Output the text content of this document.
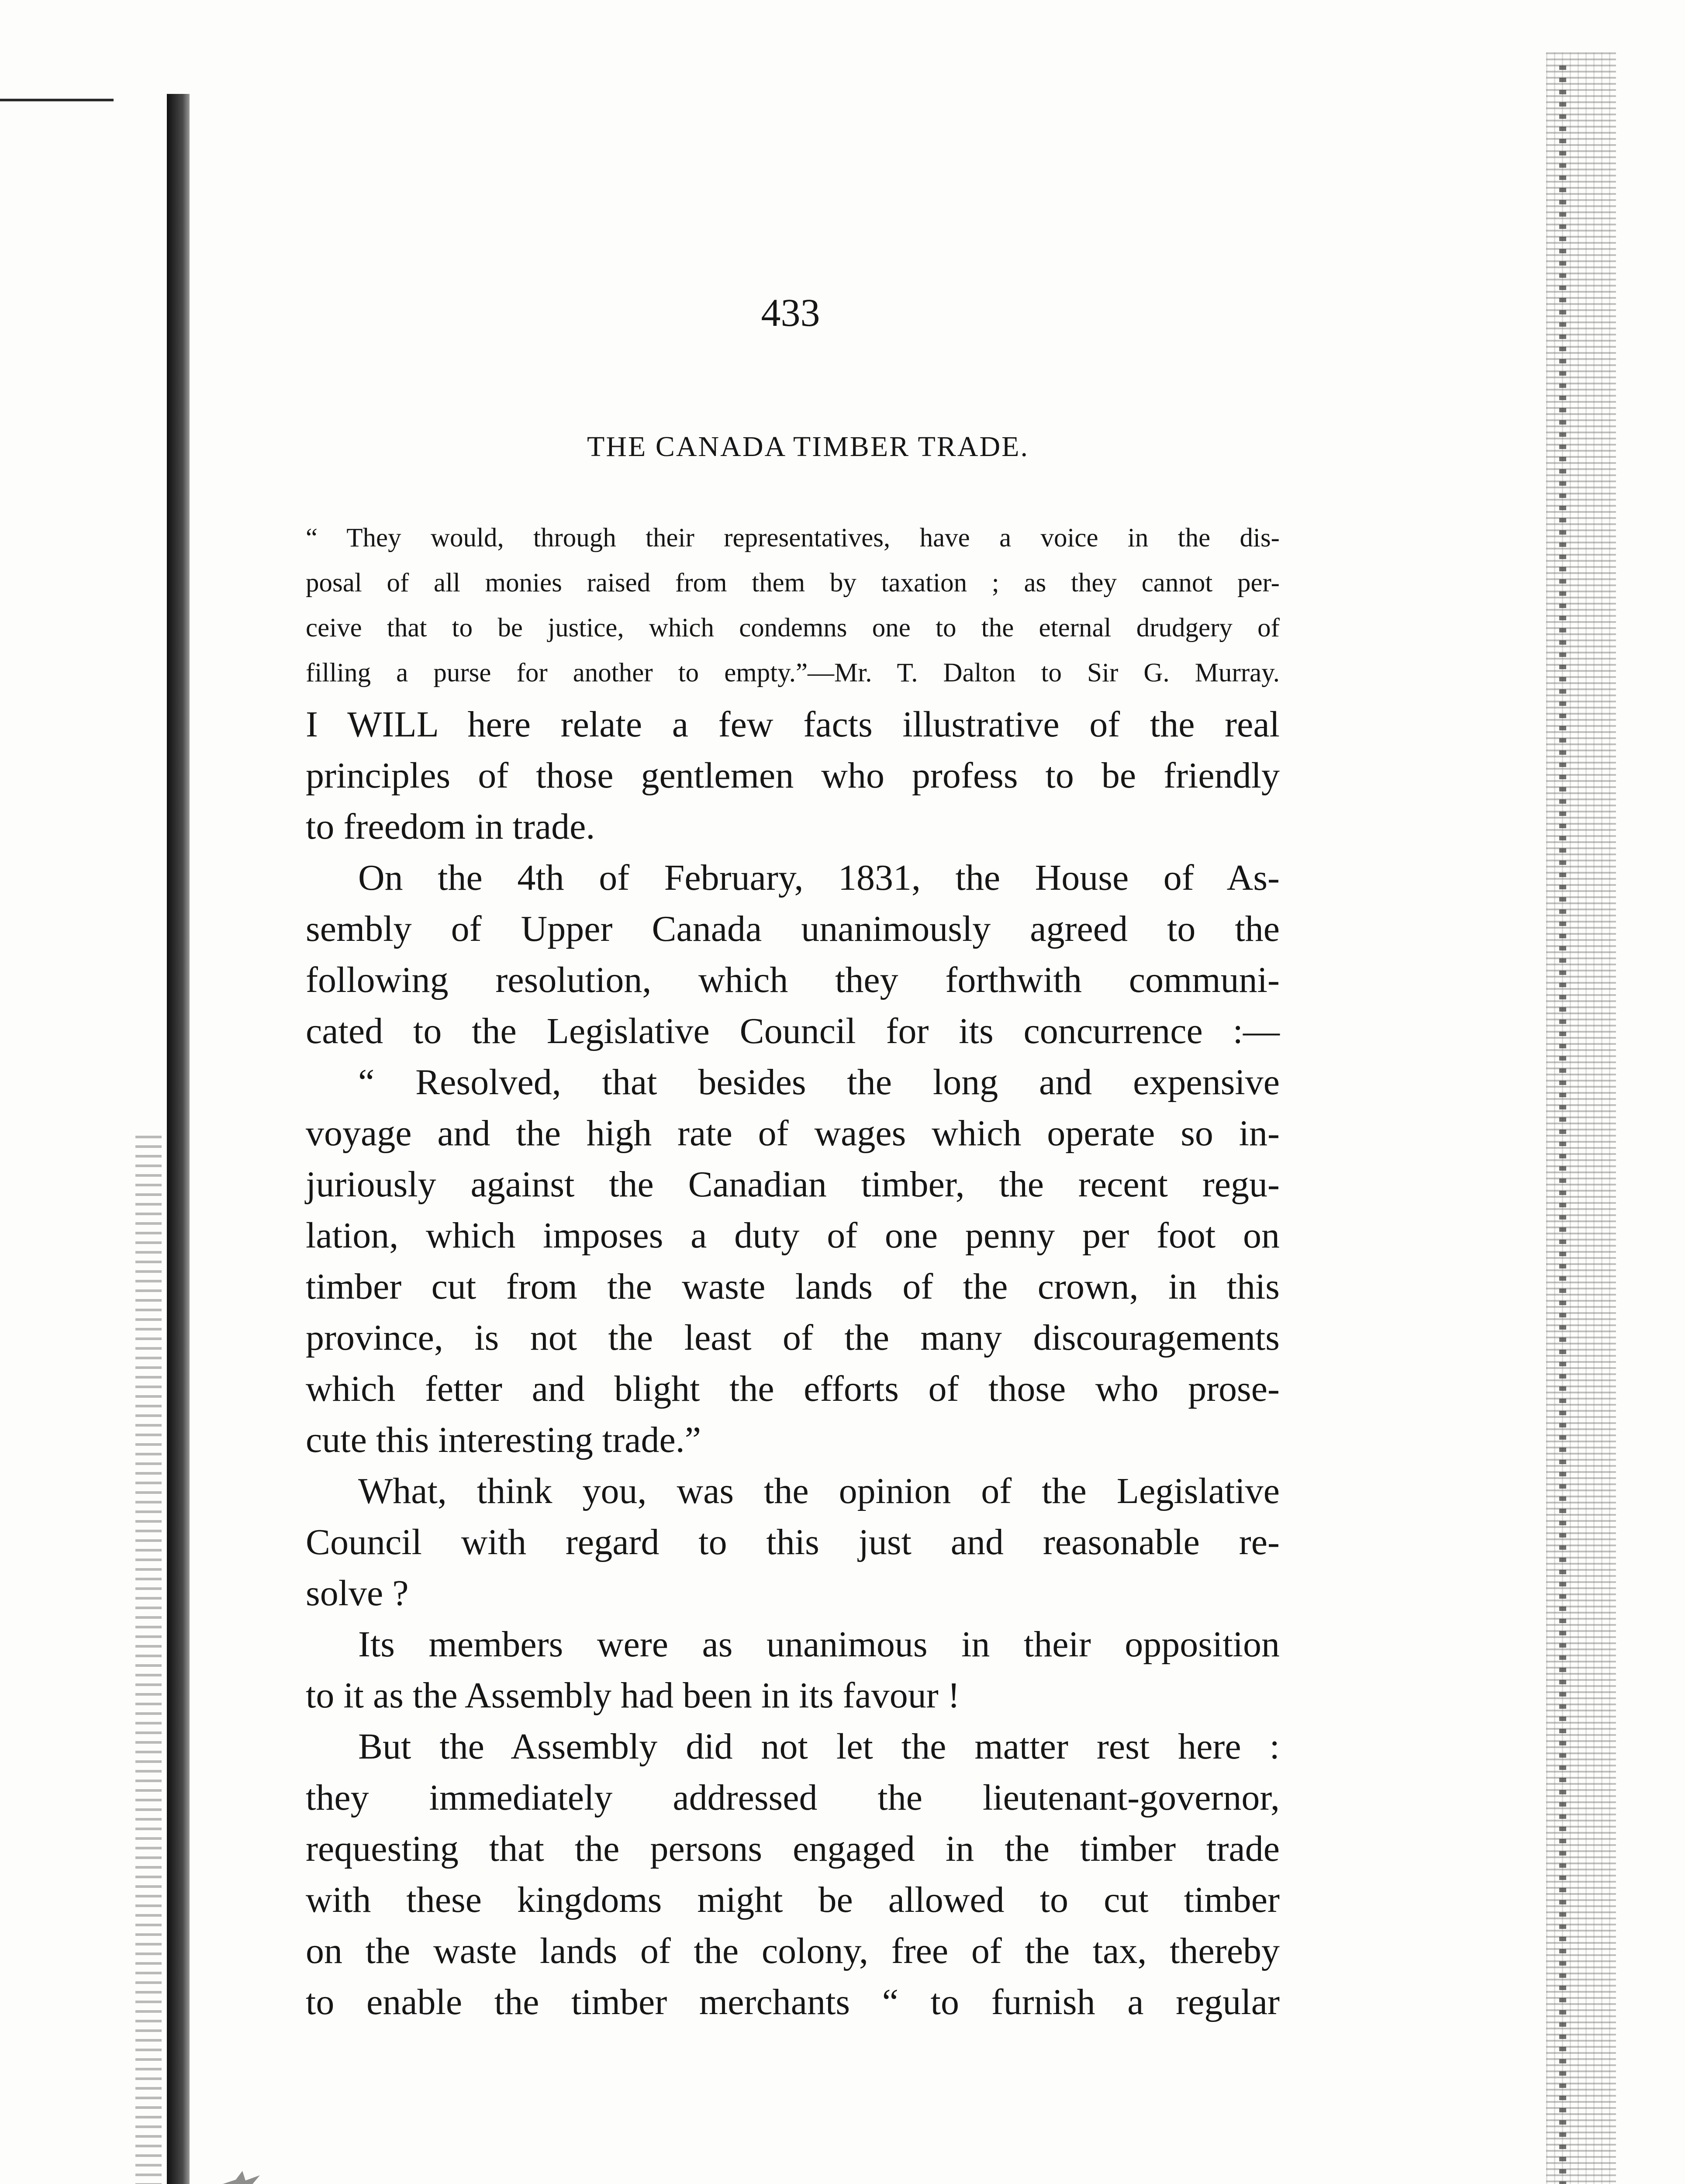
433
THE CANADA TIMBER TRADE.
“ They would, through their representatives, have a voice in the dis-
posal of all monies raised from them by taxation ; as they cannot per-
ceive that to be justice, which condemns one to the eternal drudgery of
filling a purse for another to empty.”—Mr. T. Dalton to Sir G. Murray.
I WILL here relate a few facts illustrative of the real
principles of those gentlemen who profess to be friendly
to freedom in trade.
On the 4th of February, 1831, the House of As-
sembly of Upper Canada unanimously agreed to the
following resolution, which they forthwith communi-
cated to the Legislative Council for its concurrence :—
“ Resolved, that besides the long and expensive
voyage and the high rate of wages which operate so in-
juriously against the Canadian timber, the recent regu-
lation, which imposes a duty of one penny per foot on
timber cut from the waste lands of the crown, in this
province, is not the least of the many discouragements
which fetter and blight the efforts of those who prose-
cute this interesting trade.”
What, think you, was the opinion of the Legislative
Council with regard to this just and reasonable re-
solve ?
Its members were as unanimous in their opposition
to it as the Assembly had been in its favour !
But the Assembly did not let the matter rest here :
they immediately addressed the lieutenant-governor,
requesting that the persons engaged in the timber trade
with these kingdoms might be allowed to cut timber
on the waste lands of the colony, free of the tax, thereby
to enable the timber merchants “ to furnish a regular
